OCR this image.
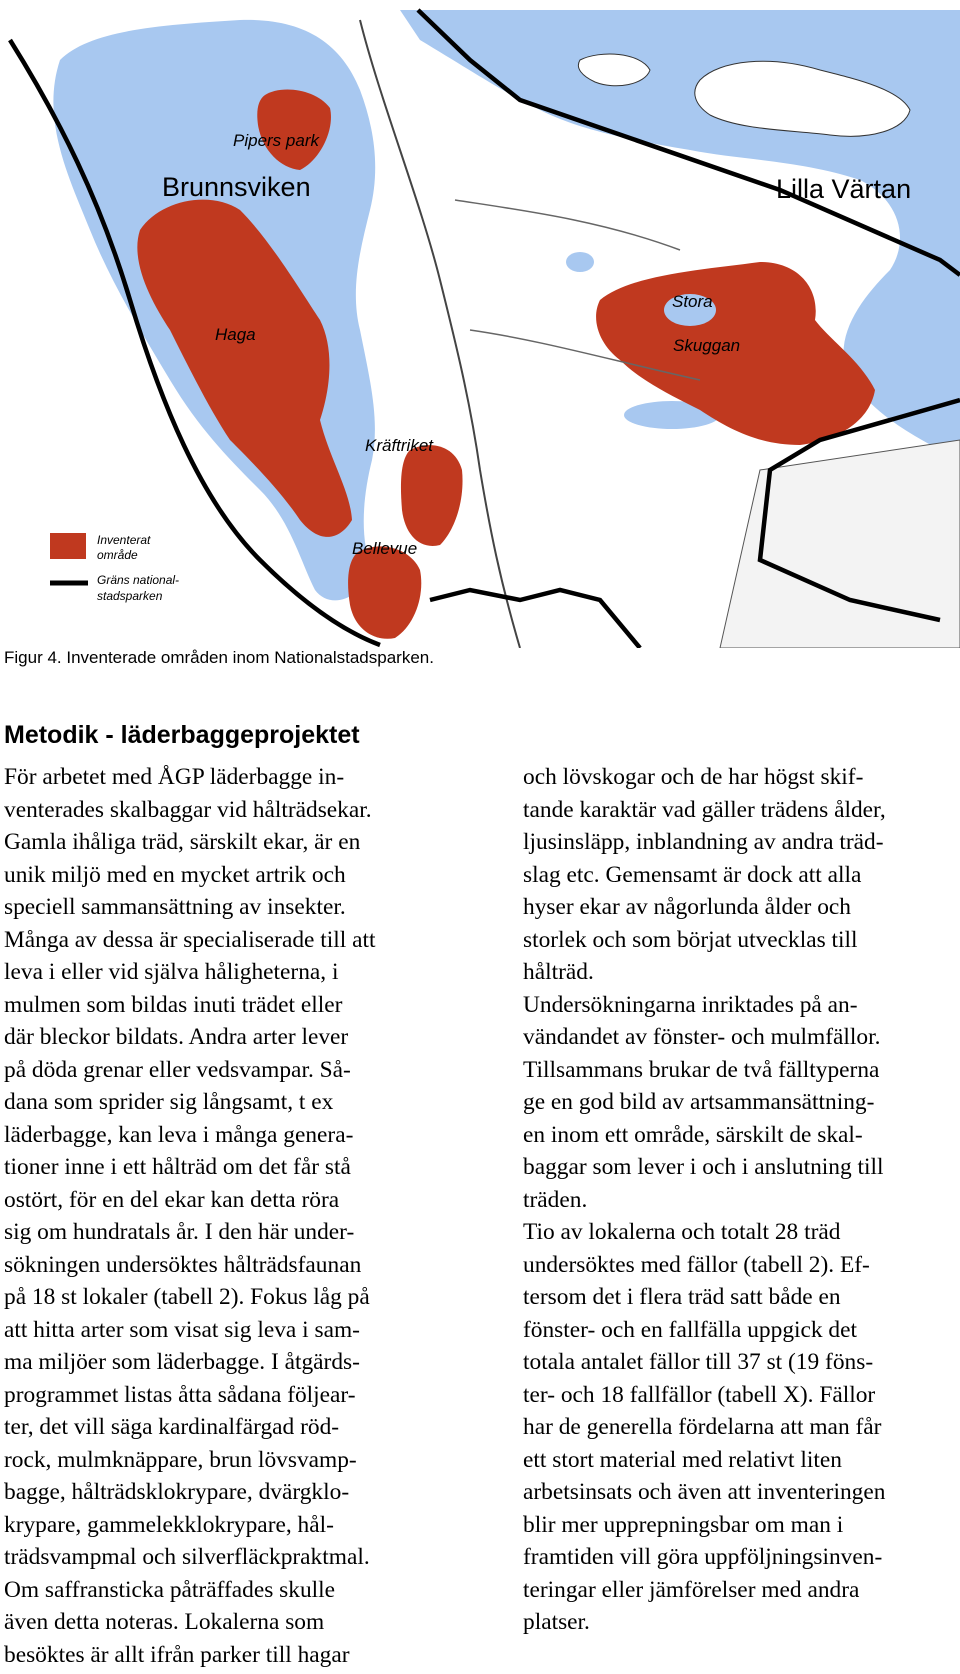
Pipers park
Brunnsviken	Lilla Värtan
Stora
Skuggan
Haga
Kräftriket
Bellevue
Inventerat
område
Gräns national-
stadsparken
Figur 4. Inventerade områden inom Nationalstadsparken.
Metodik - läderbaggeprojektet
För arbetet med ÅGP läderbagge in-
venterades skalbaggar vid hålträdsekar.
Gamla ihåliga träd, särskilt ekar, är en
unik miljö med en mycket artrik och
speciell sammansättning av insekter.
Många av dessa är specialiserade till att
leva i eller vid själva håligheterna, i
mulmen som bildas inuti trädet eller
där bleckor bildats. Andra arter lever
på döda grenar eller vedsvampar. Så-
dana som sprider sig långsamt, t ex
läderbagge, kan leva i många genera-
tioner inne i ett hålträd om det får stå
ostört, för en del ekar kan detta röra
sig om hundratals år. I den här under-
sökningen undersöktes hålträdsfaunan
på 18 st lokaler (tabell 2). Fokus låg på
att hitta arter som visat sig leva i sam-
ma miljöer som läderbagge. I åtgärds-
programmet listas åtta sådana följear-
ter, det vill säga kardinalfärgad röd-
rock, mulmknäppare, brun lövsvamp-
bagge, hålträdsklokrypare, dvärgklo-
krypare, gammelekklokrypare, hål-
trädsvampmal och silverfläckpraktmal.
Om saffransticka påträffades skulle
även detta noteras. Lokalerna som
besöktes är allt ifrån parker till hagar
och lövskogar och de har högst skif-
tande karaktär vad gäller trädens ålder,
ljusinsläpp, inblandning av andra träd-
slag etc. Gemensamt är dock att alla
hyser ekar av någorlunda ålder och
storlek och som börjat utvecklas till
hålträd.
Undersökningarna inriktades på an-
vändandet av fönster- och mulmfällor.
Tillsammans brukar de två fälltyperna
ge en god bild av artsammansättning-
en inom ett område, särskilt de skal-
baggar som lever i och i anslutning till
träden.
Tio av lokalerna och totalt 28 träd
undersöktes med fällor (tabell 2). Ef-
tersom det i flera träd satt både en
fönster- och en fallfälla uppgick det
totala antalet fällor till 37 st (19 föns-
ter- och 18 fallfällor (tabell X). Fällor
har de generella fördelarna att man får
ett stort material med relativt liten
arbetsinsats och även att inventeringen
blir mer upprepningsbar om man i
framtiden vill göra uppföljningsinven-
teringar eller jämförelser med andra
platser.
